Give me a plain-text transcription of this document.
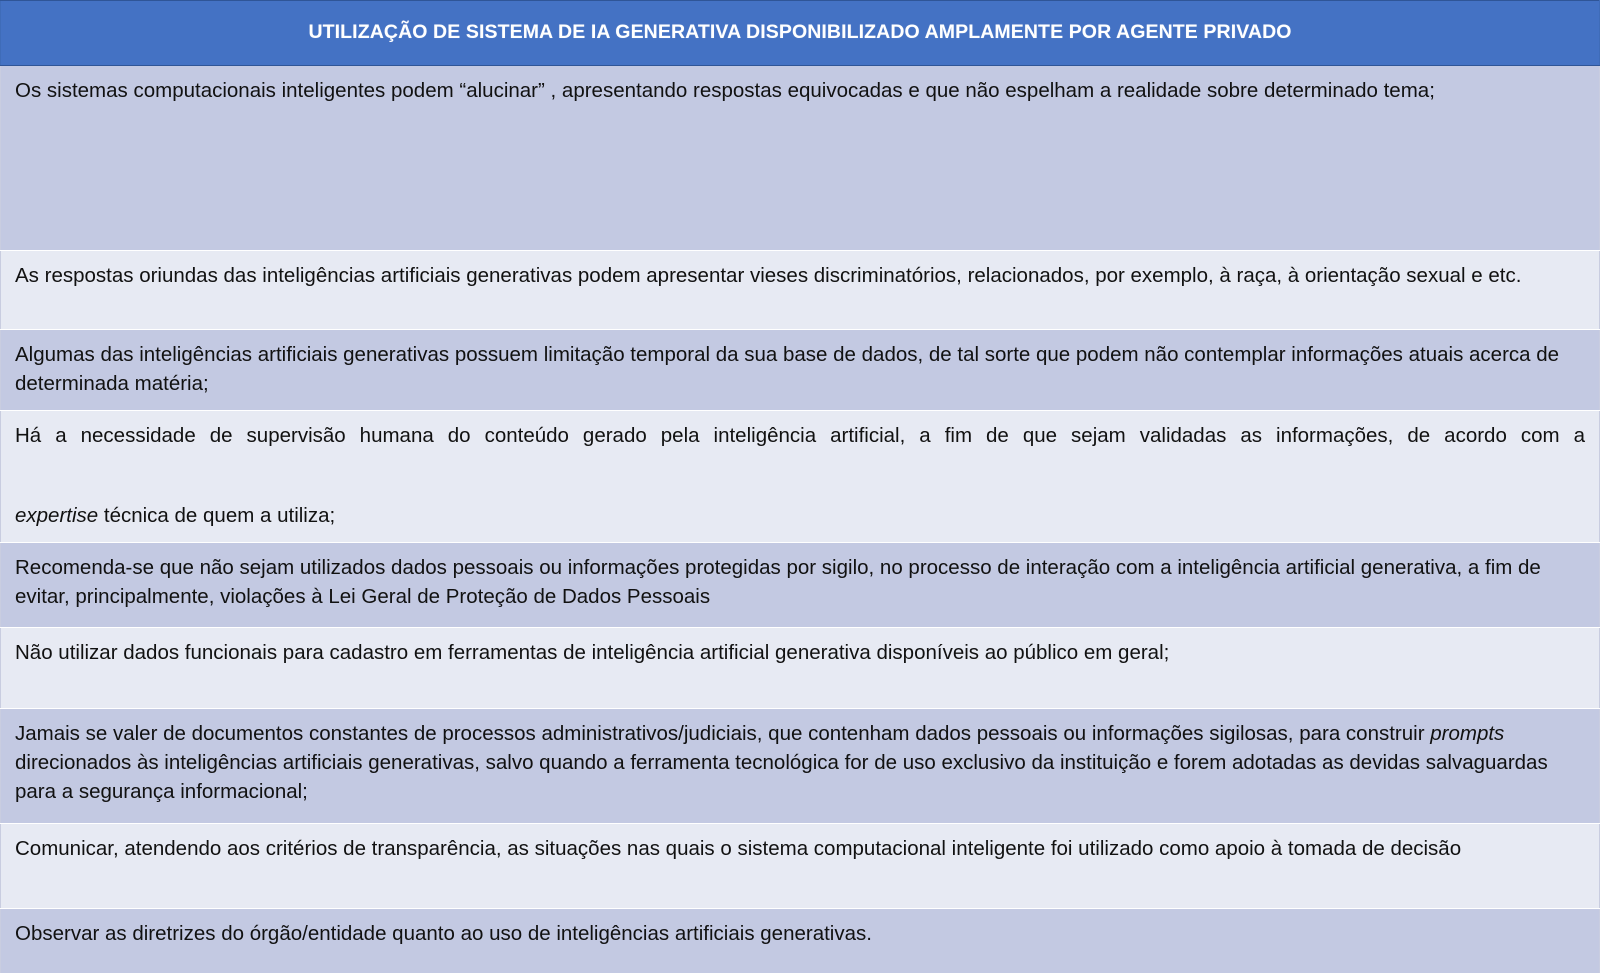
UTILIZAÇÃO DE SISTEMA DE IA GENERATIVA DISPONIBILIZADO AMPLAMENTE POR AGENTE PRIVADO

Os sistemas computacionais inteligentes podem “alucinar” , apresentando respostas equivocadas e que não espelham a realidade sobre determinado tema;

As respostas oriundas das inteligências artificiais generativas podem apresentar vieses discriminatórios, relacionados, por exemplo, à raça, à orientação sexual e etc.

Algumas das inteligências artificiais generativas possuem limitação temporal da sua base de dados, de tal sorte que podem não contemplar informações atuais acerca de determinada matéria;

Há a necessidade de supervisão humana do conteúdo gerado pela inteligência artificial, a fim de que sejam validadas as informações, de acordo com a

expertise técnica de quem a utiliza;

Recomenda-se que não sejam utilizados dados pessoais ou informações protegidas por sigilo, no processo de interação com a inteligência artificial generativa, a fim de evitar, principalmente, violações à Lei Geral de Proteção de Dados Pessoais

Não utilizar dados funcionais para cadastro em ferramentas de inteligência artificial generativa disponíveis ao público em geral;

Jamais se valer de documentos constantes de processos administrativos/judiciais, que contenham dados pessoais ou informações sigilosas, para construir prompts direcionados às inteligências artificiais generativas, salvo quando a ferramenta tecnológica for de uso exclusivo da instituição e forem adotadas as devidas salvaguardas para a segurança informacional;

Comunicar, atendendo aos critérios de transparência, as situações nas quais o sistema computacional inteligente foi utilizado como apoio à tomada de decisão

Observar as diretrizes do órgão/entidade quanto ao uso de inteligências artificiais generativas.
